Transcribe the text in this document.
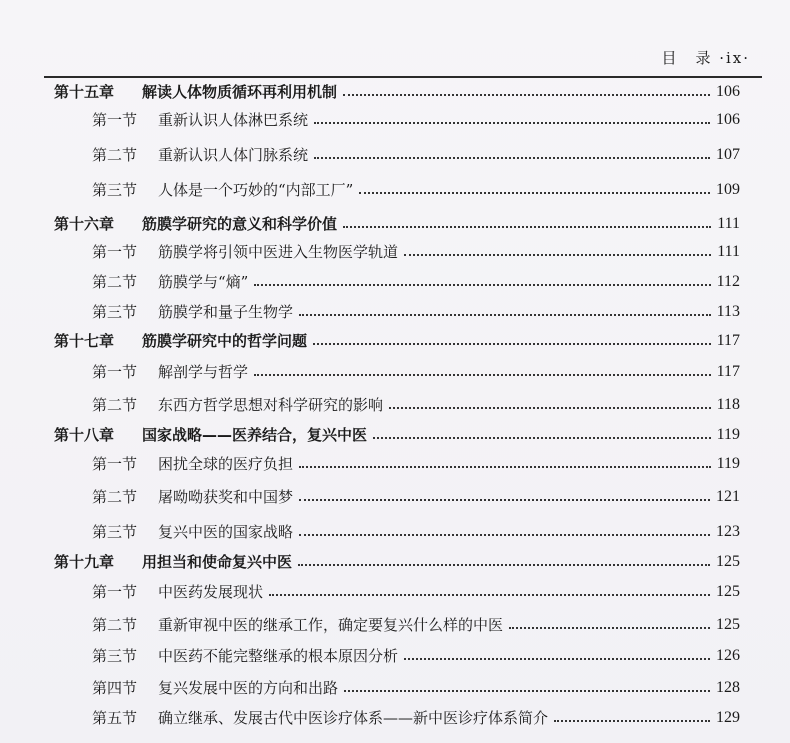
目　录 ·ix·
第十五章 解读人体物质循环再利用机制	106
第一节 重新认识人体淋巴系统	106
第二节 重新认识人体门脉系统	107
第三节 人体是一个巧妙的“内部工厂”	109
第十六章 筋膜学研究的意义和科学价值	111
第一节 筋膜学将引领中医进入生物医学轨道	111
第二节 筋膜学与“熵”	112
第三节 筋膜学和量子生物学	113
第十七章 筋膜学研究中的哲学问题	117
第一节 解剖学与哲学	117
第二节 东西方哲学思想对科学研究的影响	118
第十八章 国家战略——医养结合，复兴中医	119
第一节 困扰全球的医疗负担	119
第二节 屠呦呦获奖和中国梦	121
第三节 复兴中医的国家战略	123
第十九章 用担当和使命复兴中医	125
第一节 中医药发展现状	125
第二节 重新审视中医的继承工作，确定要复兴什么样的中医	125
第三节 中医药不能完整继承的根本原因分析	126
第四节 复兴发展中医的方向和出路	128
第五节 确立继承、发展古代中医诊疗体系——新中医诊疗体系简介	129
